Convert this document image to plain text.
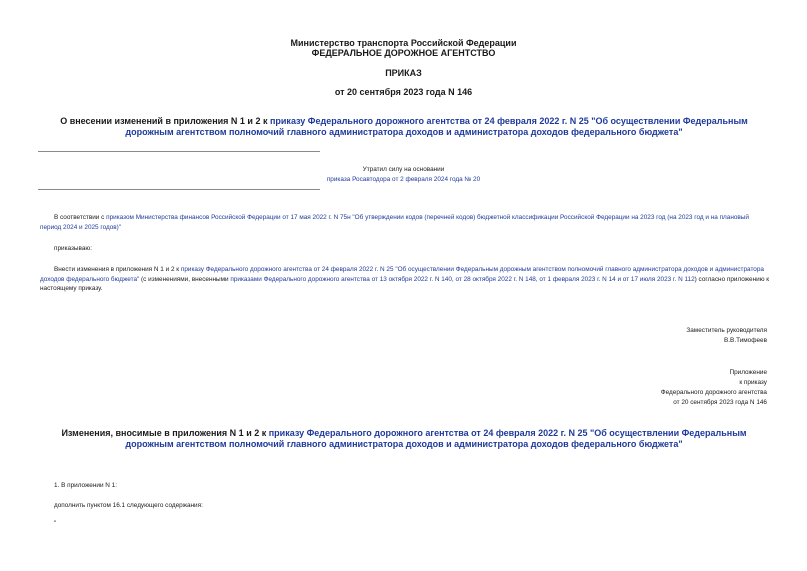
Министерство транспорта Российской Федерации
ФЕДЕРАЛЬНОЕ ДОРОЖНОЕ АГЕНТСТВО
ПРИКАЗ
от 20 сентября 2023 года N 146
О внесении изменений в приложения N 1 и 2 к приказу Федерального дорожного агентства от 24 февраля 2022 г. N 25 "Об осуществлении Федеральным дорожным агентством полномочий главного администратора доходов и администратора доходов федерального бюджета"
Утратил силу на основании
приказа Росавтодора от 2 февраля 2024 года № 20
В соответствии с приказом Министерства финансов Российской Федерации от 17 мая 2022 г. N 75н "Об утверждении кодов (перечней кодов) бюджетной классификации Российской Федерации на 2023 год (на 2023 год и на плановый период 2024 и 2025 годов)"
приказываю:
Внести изменения в приложения N 1 и 2 к приказу Федерального дорожного агентства от 24 февраля 2022 г. N 25 "Об осуществлении Федеральным дорожным агентством полномочий главного администратора доходов и администратора доходов федерального бюджета" (с изменениями, внесенными приказами Федерального дорожного агентства от 13 октября 2022 г. N 140, от 28 октября 2022 г. N 148, от 1 февраля 2023 г. N 14 и от 17 июля 2023 г. N 112) согласно приложению к настоящему приказу.
Заместитель руководителя
В.В.Тимофеев
Приложение
к приказу
Федерального дорожного агентства
от 20 сентября 2023 года N 146
Изменения, вносимые в приложения N 1 и 2 к приказу Федерального дорожного агентства от 24 февраля 2022 г. N 25 "Об осуществлении Федеральным дорожным агентством полномочий главного администратора доходов и администратора доходов федерального бюджета"
1. В приложении N 1:
дополнить пунктом 16.1 следующего содержания:
"
